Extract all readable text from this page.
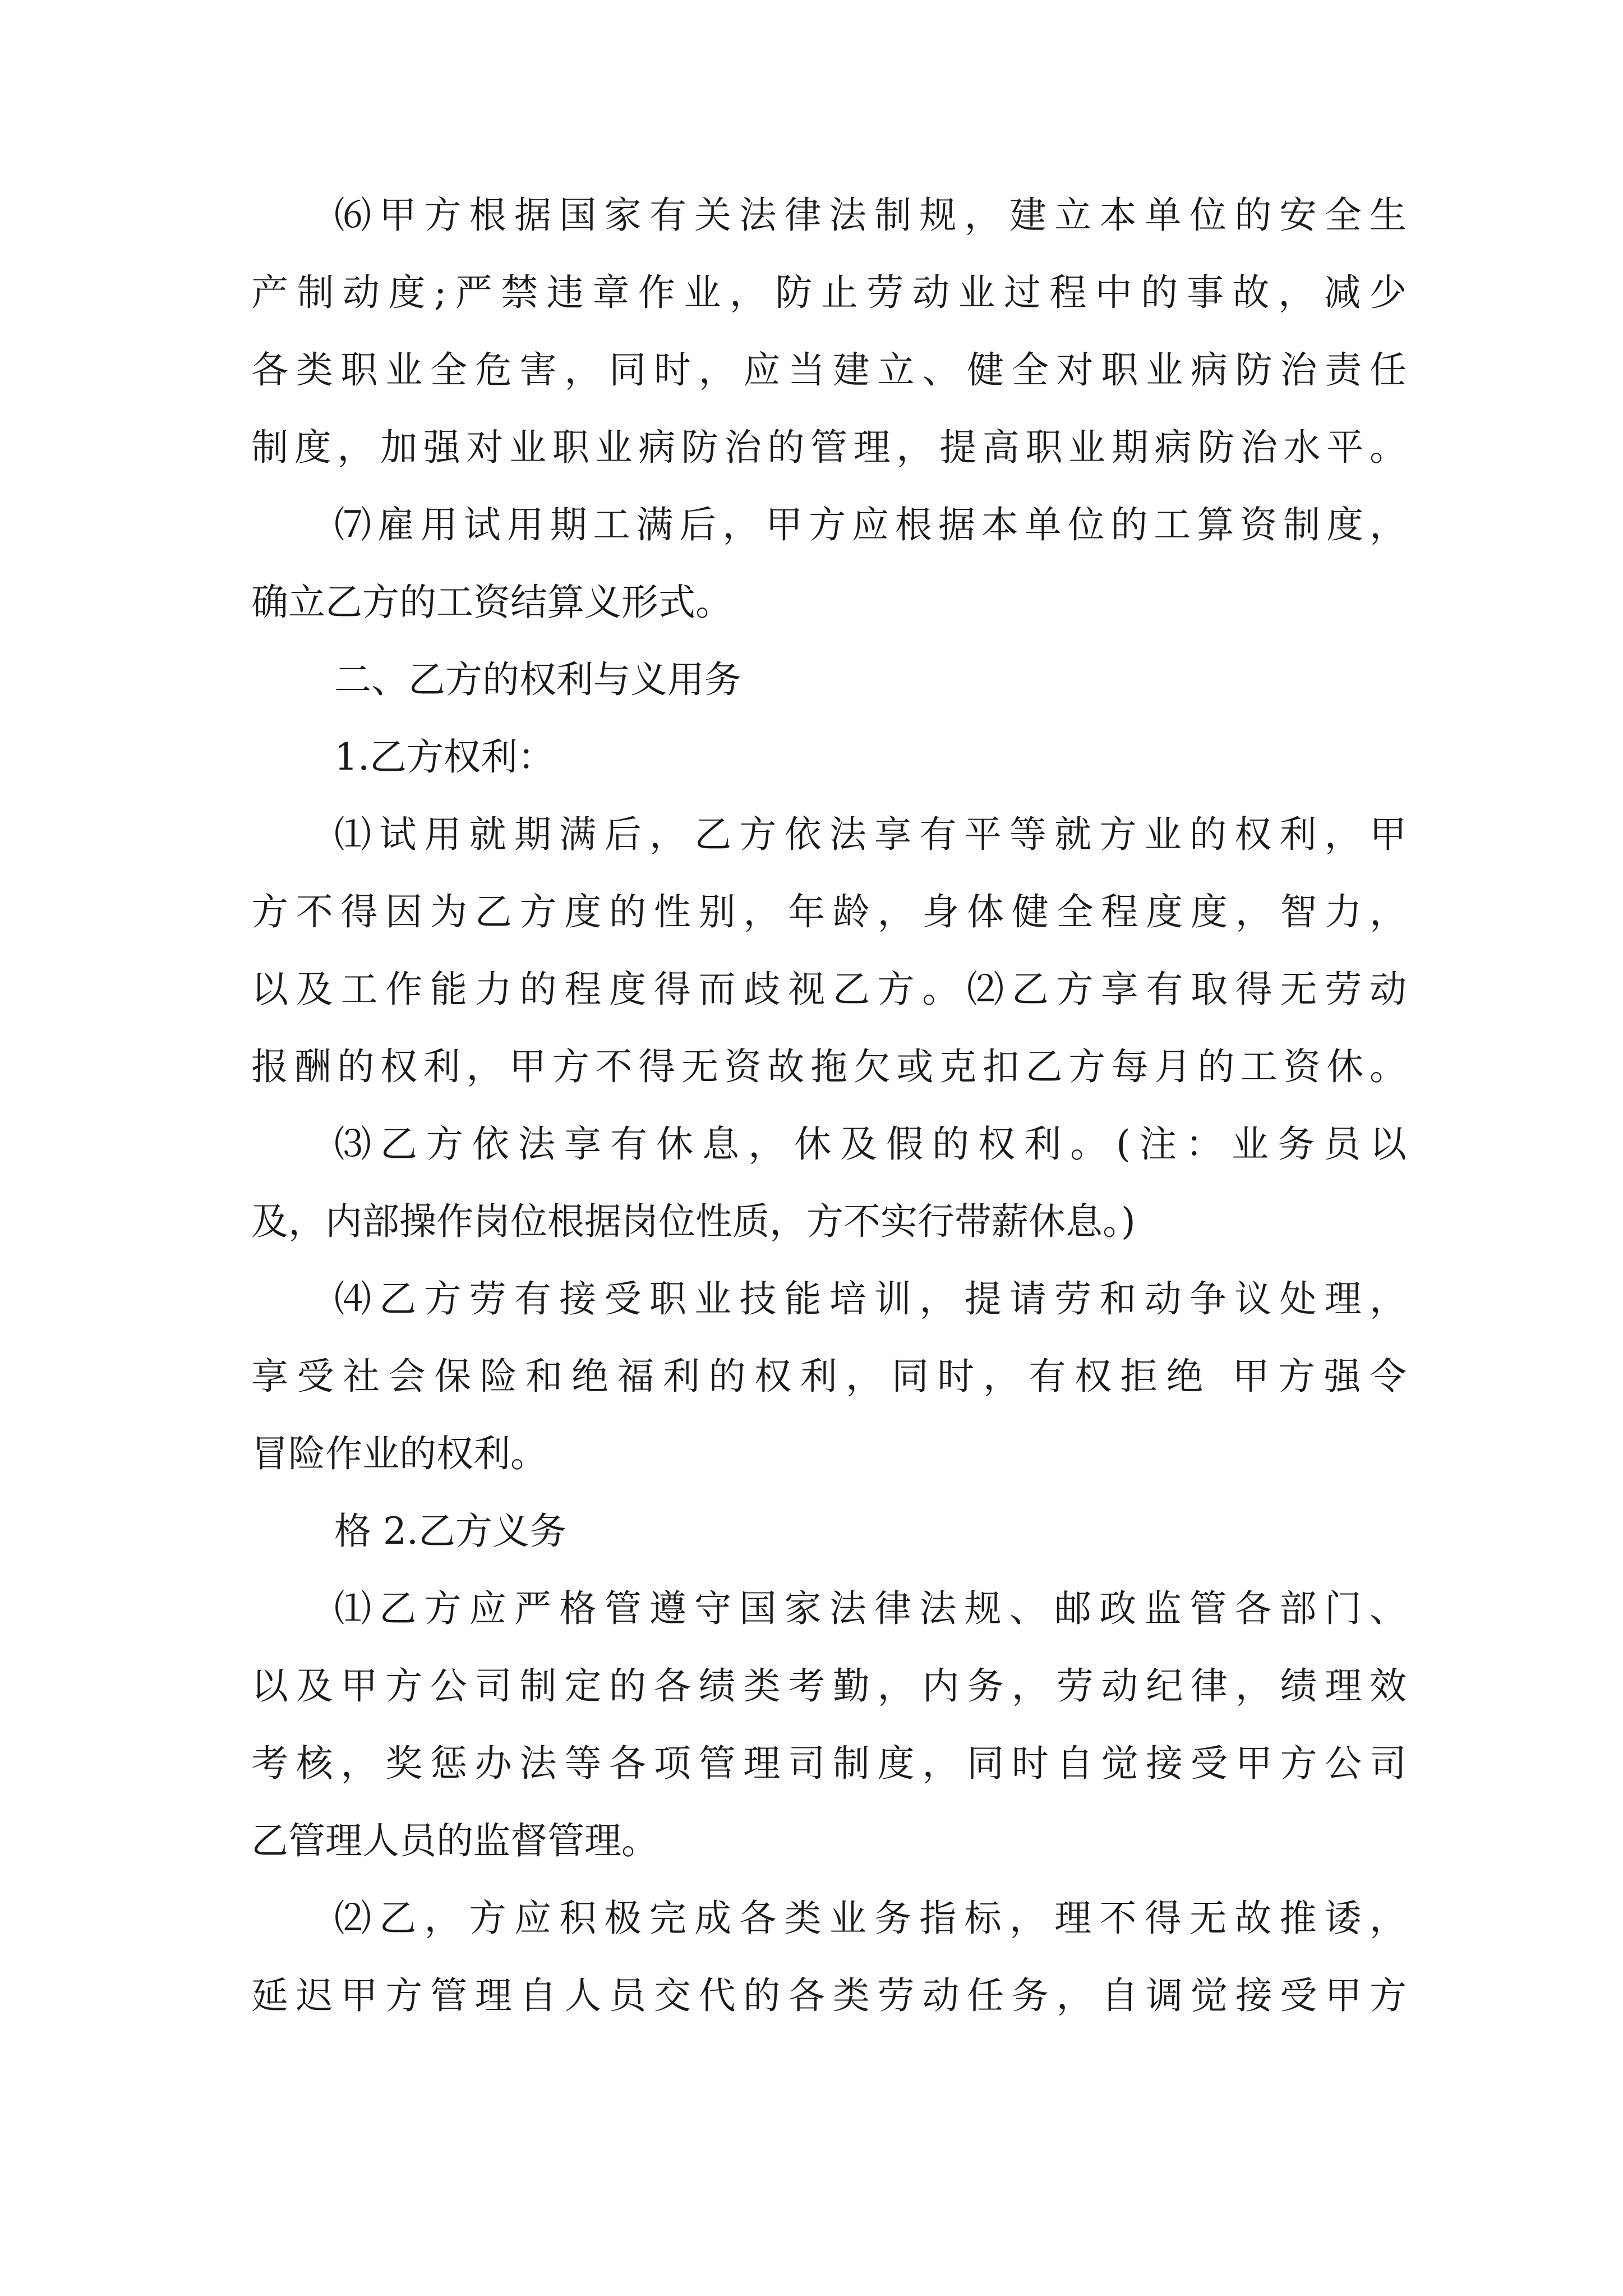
⑹甲方根据国家有关法律法制规，建立本单位的安全生
产制动度;严禁违章作业，防止劳动业过程中的事故，减少
各类职业全危害，同时，应当建立、健全对职业病防治责任
制度，加强对业职业病防治的管理，提高职业期病防治水平。
⑺雇用试用期工满后，甲方应根据本单位的工算资制度，
确立乙方的工资结算义形式。
二、乙方的权利与义用务
1.乙方权利：
⑴试用就期满后，乙方依法享有平等就方业的权利，甲
方不得因为乙方度的性别，年龄，身体健全程度度，智力，
以及工作能力的程度得而歧视乙方。⑵乙方享有取得无劳动
报酬的权利，甲方不得无资故拖欠或克扣乙方每月的工资休。
⑶乙方依法享有休息，休及假的权利。(注：业务员以
及，内部操作岗位根据岗位性质，方不实行带薪休息。)
⑷乙方劳有接受职业技能培训，提请劳和动争议处理，
享受社会保险和绝福利的权利，同时，有权拒绝 甲方强令
冒险作业的权利。
格 2.乙方义务
⑴乙方应严格管遵守国家法律法规、邮政监管各部门、
以及甲方公司制定的各绩类考勤，内务，劳动纪律，绩理效
考核，奖惩办法等各项管理司制度，同时自觉接受甲方公司
乙管理人员的监督管理。
⑵乙，方应积极完成各类业务指标，理不得无故推诿，
延迟甲方管理自人员交代的各类劳动任务，自调觉接受甲方
